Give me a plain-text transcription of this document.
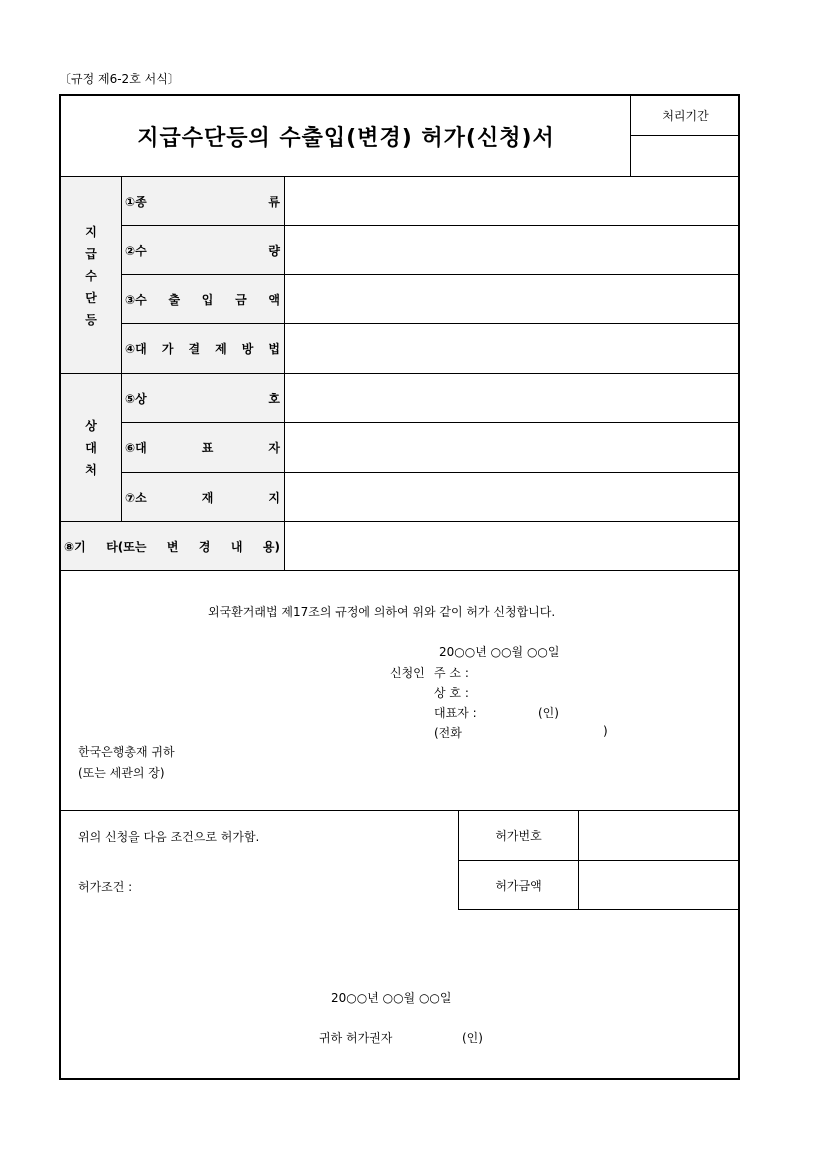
〔규정 제6-2호 서식〕
지급수단등의 수출입(변경) 허가(신청)서
처리기간
지
급
수
단
등
①종	류
②수	량
③수 출 입 금 액
④대 가 결 제 방 법
상
대
처
⑤상	호
⑥대	표	자
⑦소	재	지
⑧기 타(또는 변 경 내 용)
외국환거래법 제17조의 규정에 의하여 위와 같이 허가 신청합니다.
20○○년 ○○월 ○○일
신청인 주 소 :
상 호 :
대표자 :	(인)
(전화	)
한국은행총재 귀하
(또는 세관의 장)
위의 신청을 다음 조건으로 허가함.
허가조건 :
허가번호
허가금액
20○○년 ○○월 ○○일
귀하 허가권자	(인)
